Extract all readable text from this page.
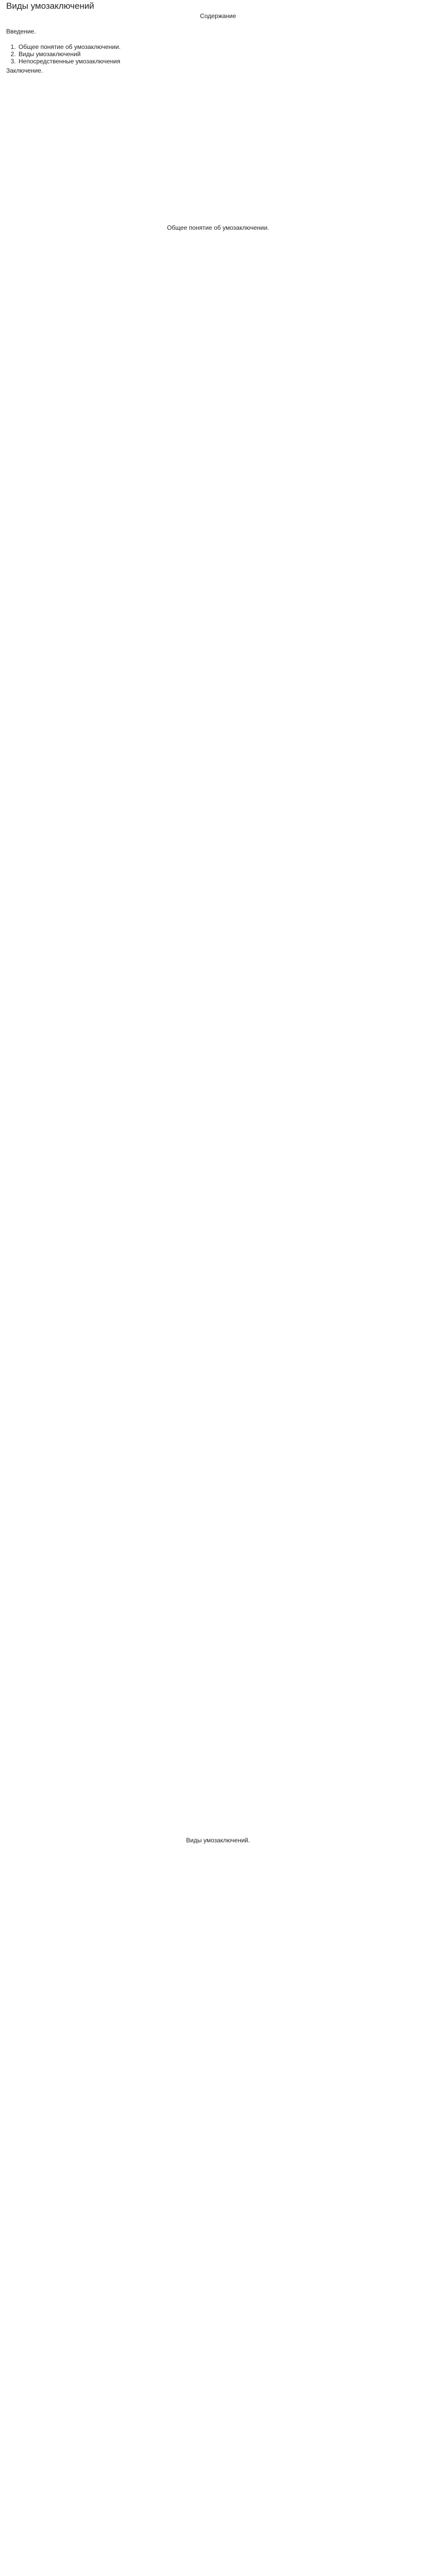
Виды умозаключений
Содержание
Введение.
1. Общее понятие об умозаключении.
2. Виды умозаключений
3. Непосредственные умозаключения
Заключение.
Общее понятие об умозаключении.
Виды умозаключений.
